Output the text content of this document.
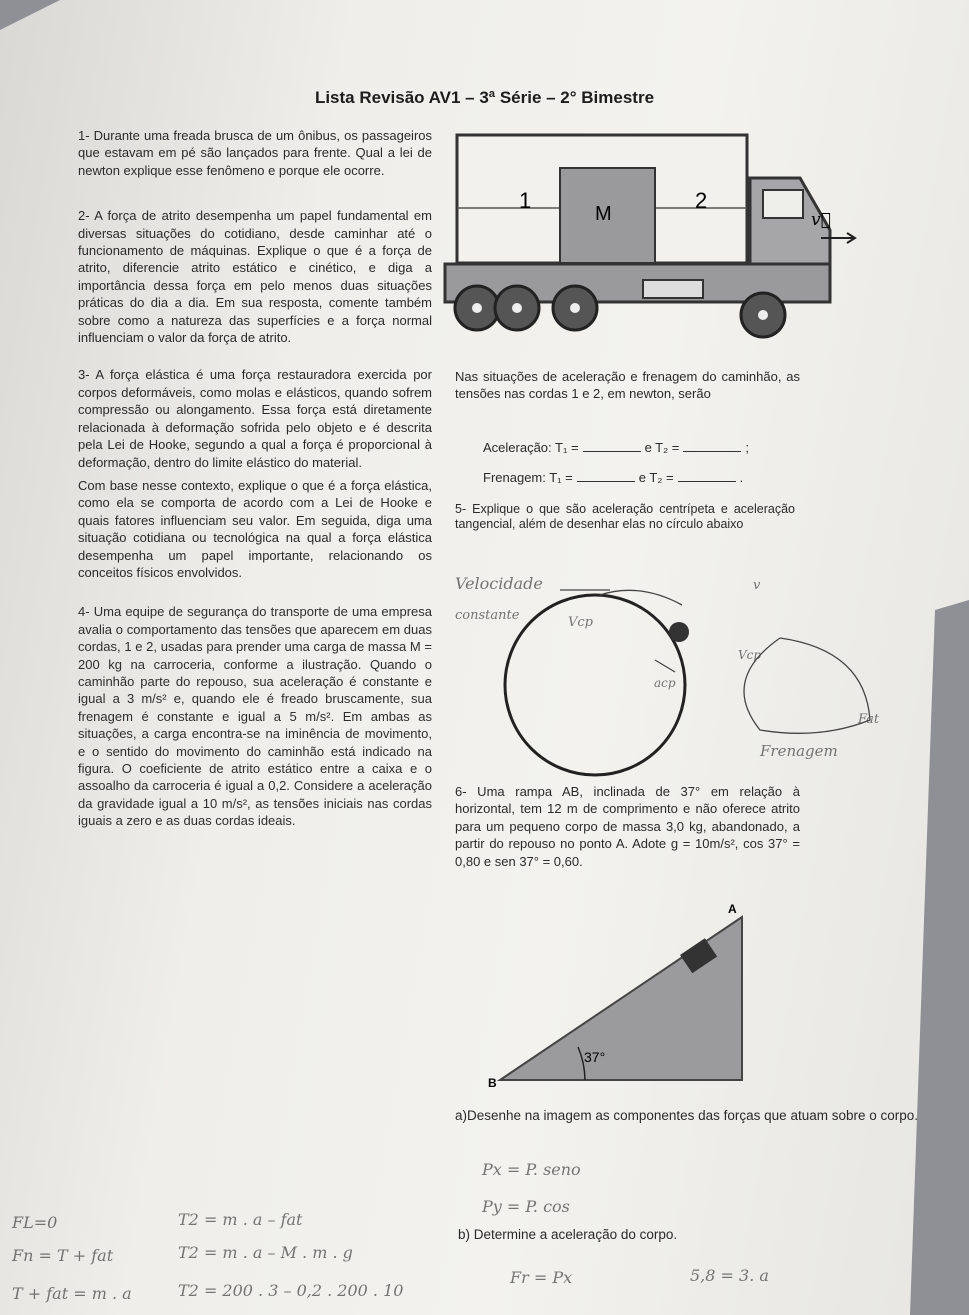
Lista Revisão AV1 – 3ª Série – 2° Bimestre

1- Durante uma freada brusca de um ônibus, os passageiros que estavam em pé são lançados para frente. Qual a lei de newton explique esse fenômeno e porque ele ocorre.

2- A força de atrito desempenha um papel fundamental em diversas situações do cotidiano, desde caminhar até o funcionamento de máquinas. Explique o que é a força de atrito, diferencie atrito estático e cinético, e diga a importância dessa força em pelo menos duas situações práticas do dia a dia. Em sua resposta, comente também sobre como a natureza das superfícies e a força normal influenciam o valor da força de atrito.

3- A força elástica é uma força restauradora exercida por corpos deformáveis, como molas e elásticos, quando sofrem compressão ou alongamento. Essa força está diretamente relacionada à deformação sofrida pelo objeto e é descrita pela Lei de Hooke, segundo a qual a força é proporcional à deformação, dentro do limite elástico do material.

Com base nesse contexto, explique o que é a força elástica, como ela se comporta de acordo com a Lei de Hooke e quais fatores influenciam seu valor. Em seguida, diga uma situação cotidiana ou tecnológica na qual a força elástica desempenha um papel importante, relacionando os conceitos físicos envolvidos.

4- Uma equipe de segurança do transporte de uma empresa avalia o comportamento das tensões que aparecem em duas cordas, 1 e 2, usadas para prender uma carga de massa M = 200 kg na carroceria, conforme a ilustração. Quando o caminhão parte do repouso, sua aceleração é constante e igual a 3 m/s² e, quando ele é freado bruscamente, sua frenagem é constante e igual a 5 m/s². Em ambas as situações, a carga encontra-se na iminência de movimento, e o sentido do movimento do caminhão está indicado na figura. O coeficiente de atrito estático entre a caixa e o assoalho da carroceria é igual a 0,2. Considere a aceleração da gravidade igual a 10 m/s², as tensões iniciais nas cordas iguais a zero e as duas cordas ideais.

1
M
2
v⃗
Nas situações de aceleração e frenagem do caminhão, as tensões nas cordas 1 e 2, em newton, serão
Aceleração: T₁ =	e T₂ =	;
Frenagem: T₁ =	e T₂ =	.
5- Explique o que são aceleração centrípeta e aceleração tangencial, além de desenhar elas no círculo abaixo
Velocidade
constante	Vcp
Vcp
acp
Fat
v
Frenagem
6- Uma rampa AB, inclinada de 37° em relação à horizontal, tem 12 m de comprimento e não oferece atrito para um pequeno corpo de massa 3,0 kg, abandonado, a partir do repouso no ponto A. Adote g = 10m/s², cos 37° = 0,80 e sen 37° = 0,60.
37°
A
B
a)Desenhe na imagem as componentes das forças que atuam sobre o corpo.
b) Determine a aceleração do corpo.
Px = P. seno
Py = P. cos
FL=0	T2 = m . a – fat
Fn = T + fat	T2 = m . a – M . m . g
T + fat = m . a	T2 = 200 . 3 – 0,2 . 200 . 10
Fr = Px	5,8 = 3. a
